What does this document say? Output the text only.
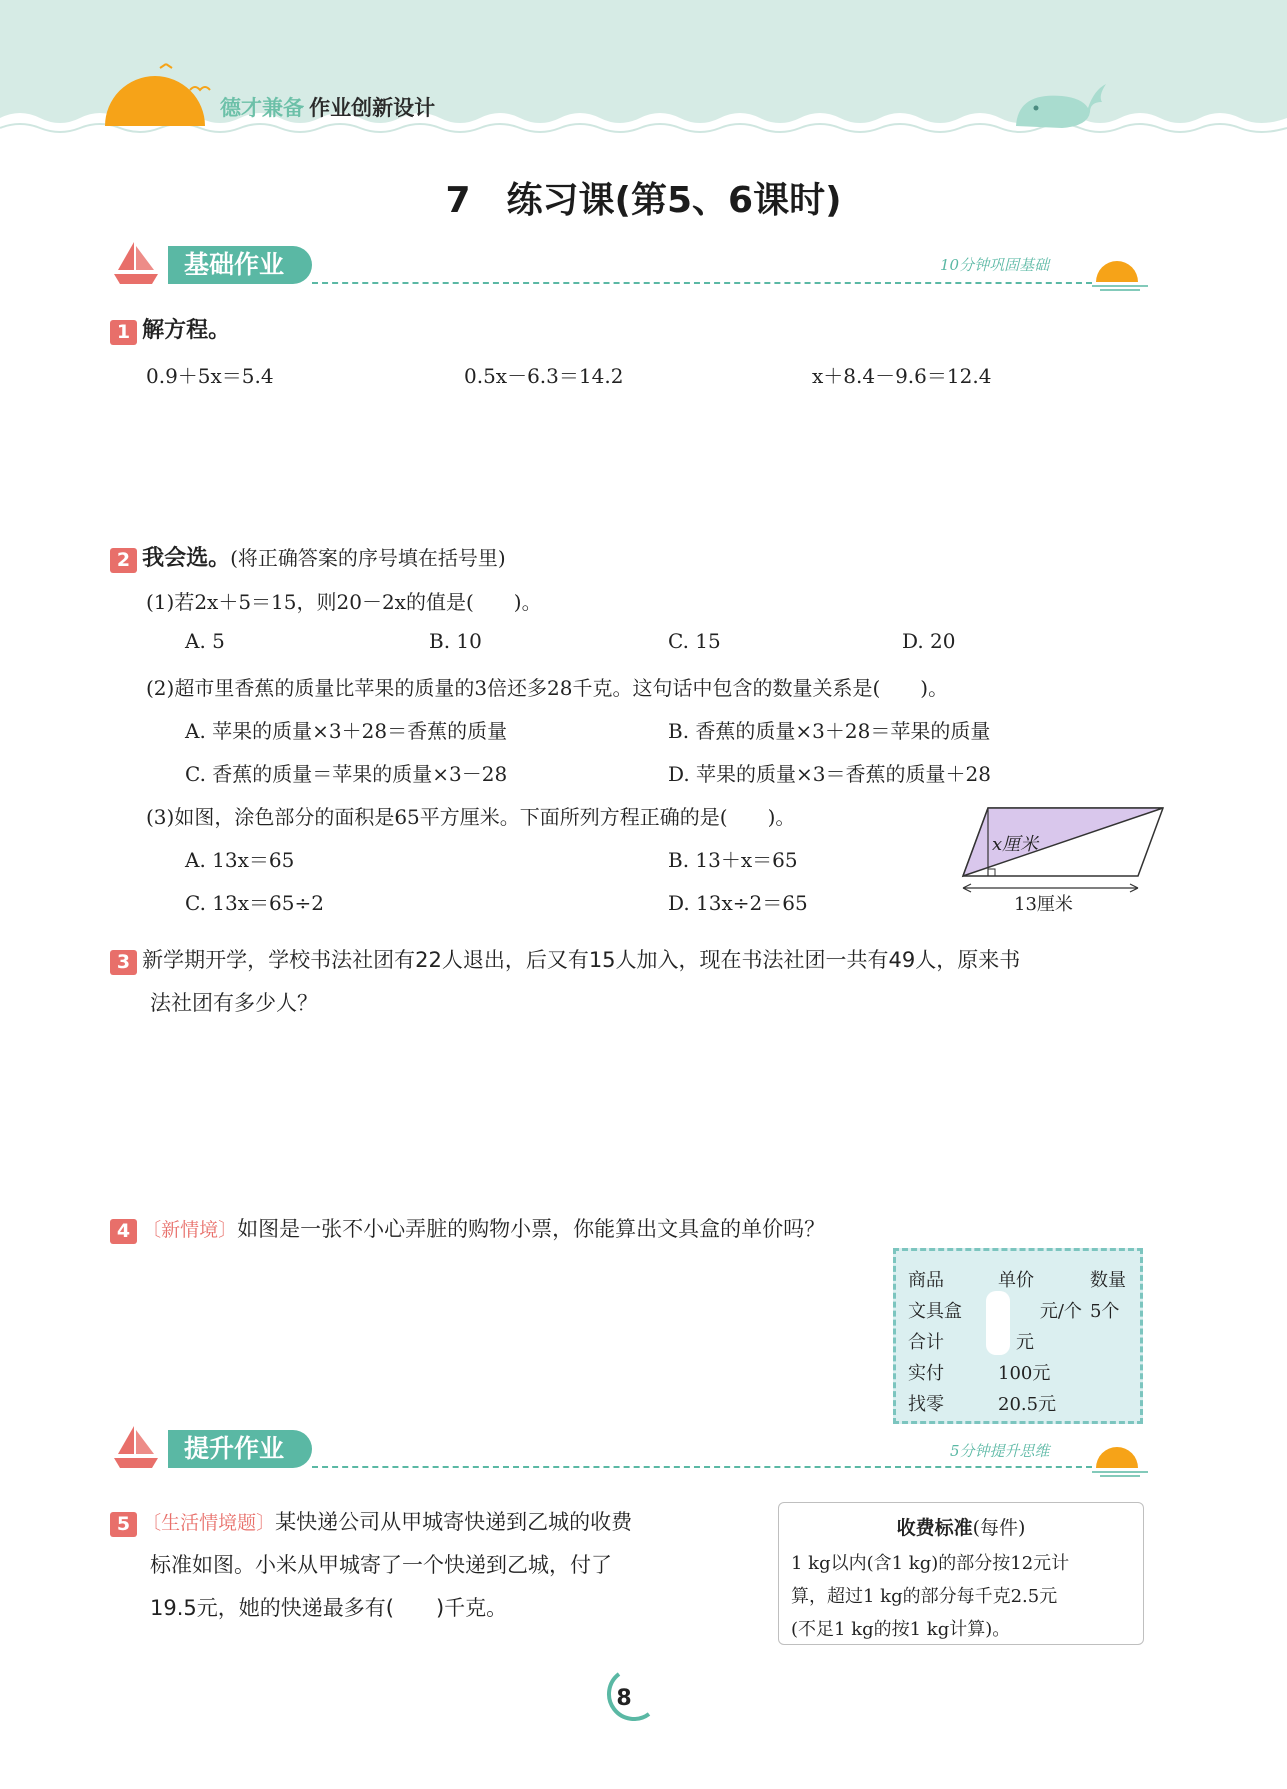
德才兼备 作业创新设计
7　练习课(第5、6课时)
基础作业	10分钟巩固基础
1 解方程。
0.9＋5x＝5.4	0.5x－6.3＝14.2	x＋8.4－9.6＝12.4
2 我会选。(将正确答案的序号填在括号里)
(1)若2x＋5＝15，则20－2x的值是(　　)。
A. 5	B. 10	C. 15	D. 20
(2)超市里香蕉的质量比苹果的质量的3倍还多28千克。这句话中包含的数量关系是(　　)。
A. 苹果的质量×3＋28＝香蕉的质量	B. 香蕉的质量×3＋28＝苹果的质量
C. 香蕉的质量＝苹果的质量×3－28	D. 苹果的质量×3＝香蕉的质量＋28
(3)如图，涂色部分的面积是65平方厘米。下面所列方程正确的是(　　)。
A. 13x＝65	B. 13＋x＝65
C. 13x＝65÷2	D. 13x÷2＝65
x厘米
13厘米
3 新学期开学，学校书法社团有22人退出，后又有15人加入，现在书法社团一共有49人，原来书
法社团有多少人？
4 〔新情境〕如图是一张不小心弄脏的购物小票，你能算出文具盒的单价吗？
商品	单价	数量
文具盒	元/个	5个
合计	元	
实付	100元	
找零	20.5元	
提升作业	5分钟提升思维
5 〔生活情境题〕某快递公司从甲城寄快递到乙城的收费
标准如图。小米从甲城寄了一个快递到乙城，付了
19.5元，她的快递最多有(　　)千克。
收费标准(每件)
1 kg以内(含1 kg)的部分按12元计
算，超过1 kg的部分每千克2.5元
(不足1 kg的按1 kg计算)。
8
